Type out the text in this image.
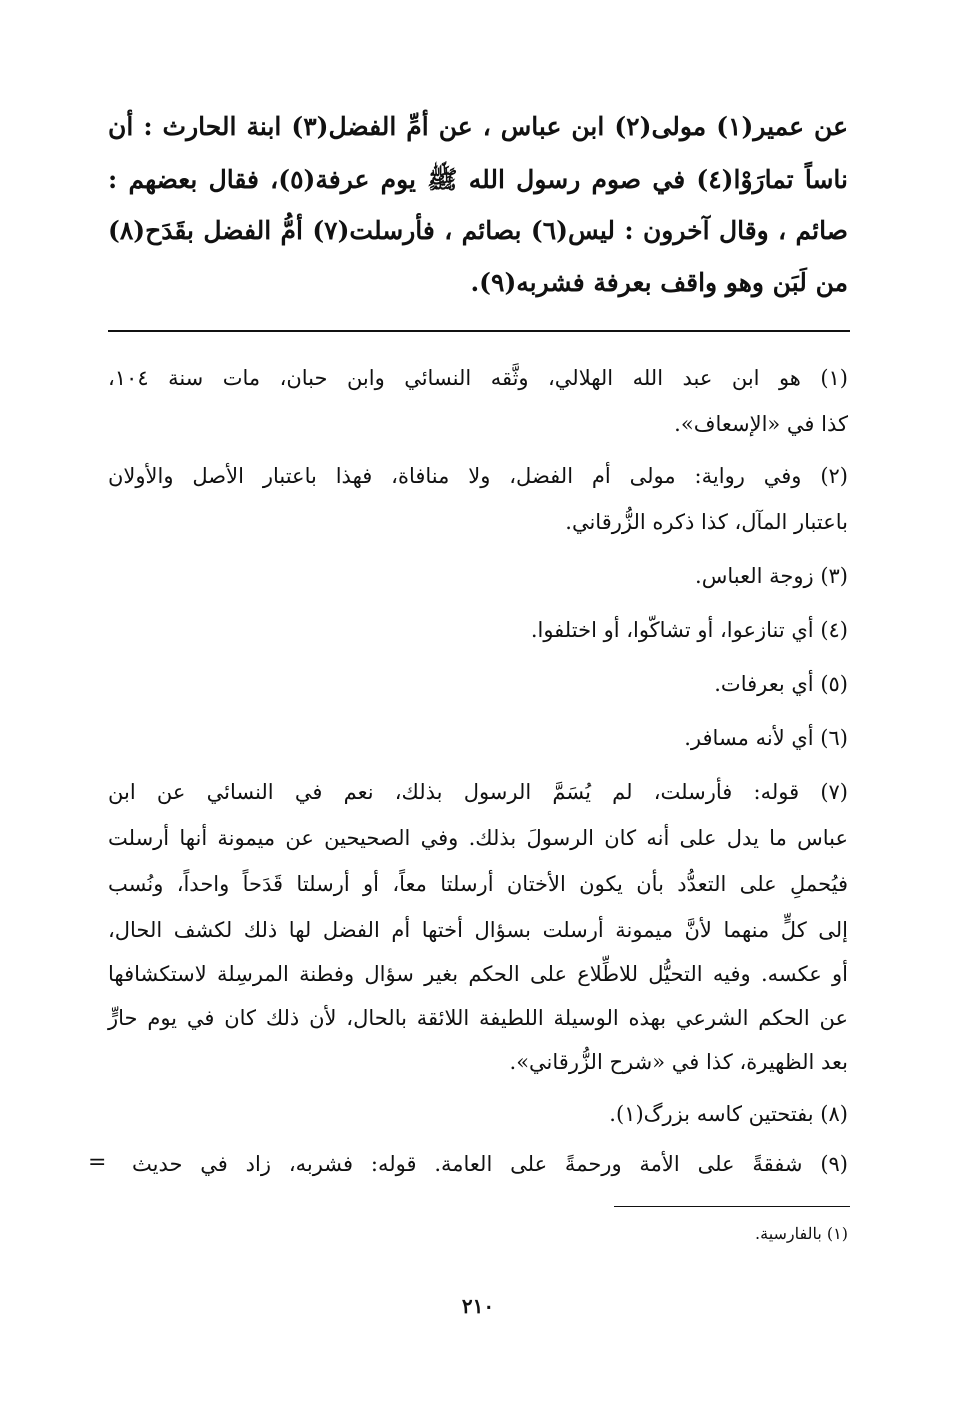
عن عمير(١) مولى(٢) ابن عباس ، عن أمِّ الفضل(٣) ابنة الحارث : أن
ناساً تمارَوْا(٤) في صوم رسول الله ﷺ يوم عرفة(٥)، فقال بعضهم :
صائم ، وقال آخرون : ليس(٦) بصائم ، فأرسلت(٧) أمُّ الفضل بقَدَح(٨)
من لَبَن وهو واقف بعرفة فشربه(٩).
(١) هو ابن عبد الله الهلالي، وثَّقه النسائي وابن حبان، مات سنة ١٠٤،
كذا في «الإسعاف».
(٢) وفي رواية: مولى أم الفضل، ولا منافاة، فهذا باعتبار الأصل والأولان
باعتبار المآل، كذا ذكره الزُّرقاني.
(٣) زوجة العباس.
(٤) أي تنازعوا، أو تشاكّوا، أو اختلفوا.
(٥) أي بعرفات.
(٦) أي لأنه مسافر.
(٧) قوله: فأرسلت، لم يُسَمَّ الرسول بذلك، نعم في النسائي عن ابن
عباس ما يدل على أنه كان الرسولَ بذلك. وفي الصحيحين عن ميمونة أنها أرسلت
فيُحملِ على التعدُّد بأن يكون الأختان أرسلتا معاً، أو أرسلتا قَدَحاً واحداً، ونُسب
إلى كلٍّ منهما لأنَّ ميمونة أرسلت بسؤال أختها أم الفضل لها ذلك لكشف الحال،
أو عكسه. وفيه التحيُّل للاطِّلاع على الحكم بغير سؤال وفطنة المرسِلة لاستكشافها
عن الحكم الشرعي بهذه الوسيلة اللطيفة اللائقة بالحال، لأن ذلك كان في يوم حارٍّ
بعد الظهيرة، كذا في «شرح الزُّرقاني».
(٨) بفتحتين كاسه بزرگ(١).
(٩) شفقةً على الأمة ورحمةً على العامة. قوله: فشربه، زاد في حديث
=
(١) بالفارسية.
٢١٠
